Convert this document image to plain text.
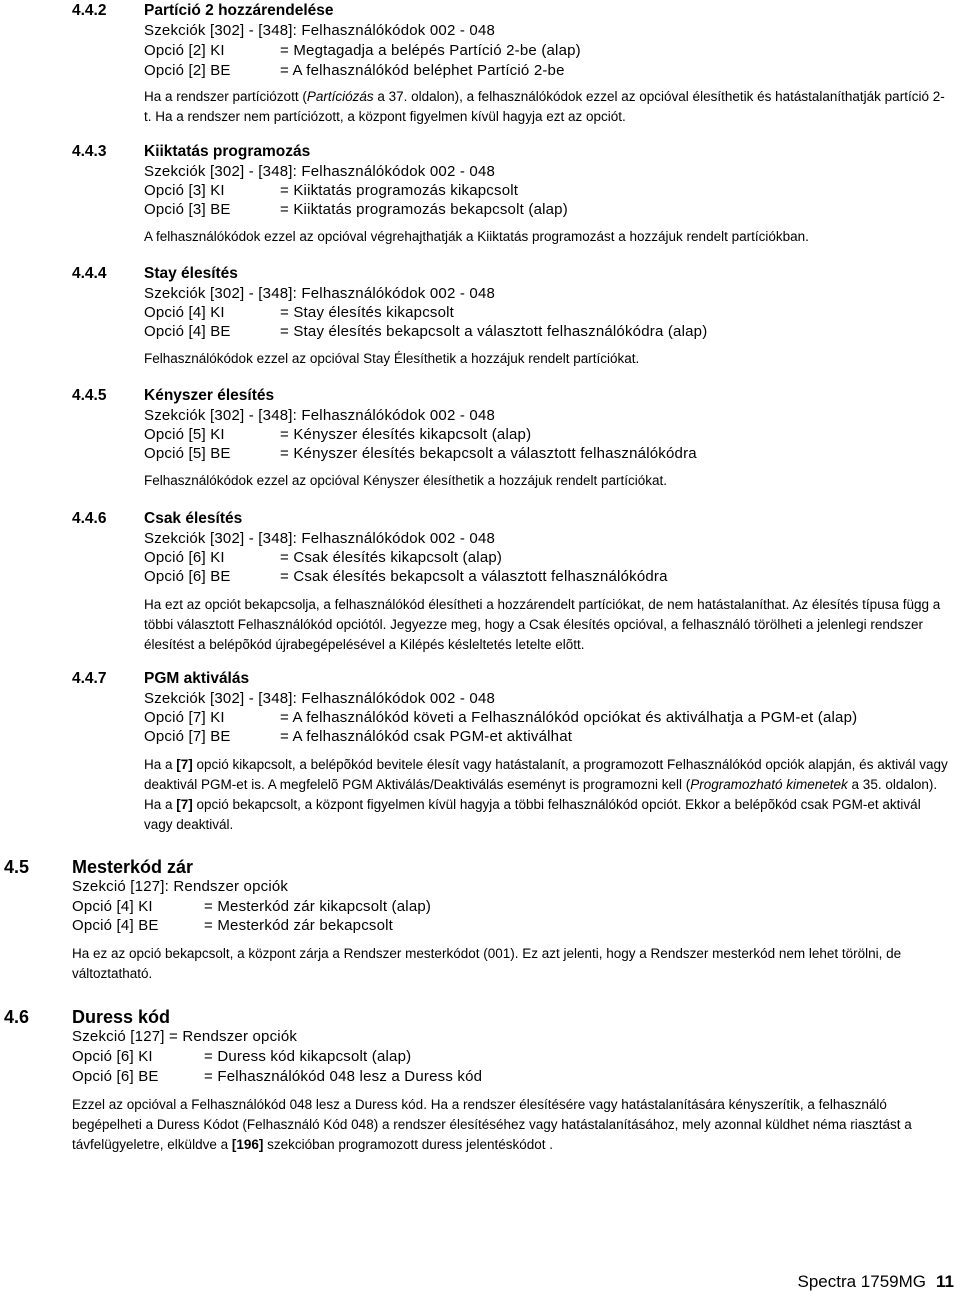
4.4.2 Partíció 2 hozzárendelése
Szekciók [302] - [348]: Felhasználókódok 002 - 048
Opció [2] KI	= Megtagadja a belépés Partíció 2-be (alap)
Opció [2] BE	= A felhasználókód beléphet Partíció 2-be
Ha a rendszer partíciózott (Partíciózás a 37. oldalon), a felhasználókódok ezzel az opcióval élesíthetik és hatástalaníthatják partíció 2-t. Ha a rendszer nem partíciózott, a központ figyelmen kívül hagyja ezt az opciót.
4.4.3 Kiiktatás programozás
Szekciók [302] - [348]: Felhasználókódok 002 - 048
Opció [3] KI	= Kiiktatás programozás kikapcsolt
Opció [3] BE	= Kiiktatás programozás bekapcsolt (alap)
A felhasználókódok ezzel az opcióval végrehajthatják a Kiiktatás programozást a hozzájuk rendelt partíciókban.
4.4.4 Stay élesítés
Szekciók [302] - [348]: Felhasználókódok 002 - 048
Opció [4] KI	= Stay élesítés kikapcsolt
Opció [4] BE	= Stay élesítés bekapcsolt a választott felhasználókódra (alap)
Felhasználókódok ezzel az opcióval Stay Élesíthetik a hozzájuk rendelt partíciókat.
4.4.5 Kényszer élesítés
Szekciók [302] - [348]: Felhasználókódok 002 - 048
Opció [5] KI	= Kényszer élesítés kikapcsolt (alap)
Opció [5] BE	= Kényszer élesítés bekapcsolt a választott felhasználókódra
Felhasználókódok ezzel az opcióval Kényszer élesíthetik a hozzájuk rendelt partíciókat.
4.4.6 Csak élesítés
Szekciók [302] - [348]: Felhasználókódok 002 - 048
Opció [6] KI	= Csak élesítés kikapcsolt (alap)
Opció [6] BE	= Csak élesítés bekapcsolt a választott felhasználókódra
Ha ezt az opciót bekapcsolja, a felhasználókód élesítheti a hozzárendelt partíciókat, de nem hatástalaníthat. Az élesítés típusa függ a többi választott Felhasználókód opciótól. Jegyezze meg, hogy a Csak élesítés opcióval, a felhasználó törölheti a jelenlegi rendszer élesítést a belépõkód újrabegépelésével a Kilépés késleltetés letelte elõtt.
4.4.7 PGM aktiválás
Szekciók [302] - [348]: Felhasználókódok 002 - 048
Opció [7] KI	= A felhasználókód követi a Felhasználókód opciókat és aktiválhatja a PGM-et (alap)
Opció [7] BE	= A felhasználókód csak PGM-et aktiválhat
Ha a [7] opció kikapcsolt, a belépõkód bevitele élesít vagy hatástalanít, a programozott Felhasználókód opciók alapján, és aktivál vagy deaktivál PGM-et is. A megfelelõ PGM Aktiválás/Deaktiválás eseményt is programozni kell (Programozható kimenetek a 35. oldalon). Ha a [7] opció bekapcsolt, a központ figyelmen kívül hagyja a többi felhasználókód opciót. Ekkor a belépõkód csak PGM-et aktivál vagy deaktivál.
4.5 Mesterkód zár
Szekció [127]: Rendszer opciók
Opció [4] KI	= Mesterkód zár kikapcsolt (alap)
Opció [4] BE	= Mesterkód zár bekapcsolt
Ha ez az opció bekapcsolt, a központ zárja a Rendszer mesterkódot (001). Ez azt jelenti, hogy a Rendszer mesterkód nem lehet törölni, de változtatható.
4.6 Duress kód
Szekció [127] = Rendszer opciók
Opció [6] KI	= Duress kód kikapcsolt (alap)
Opció [6] BE	= Felhasználókód 048 lesz a Duress kód
Ezzel az opcióval a Felhasználókód 048 lesz a Duress kód. Ha a rendszer élesítésére vagy hatástalanítására kényszerítik, a felhasználó begépelheti a Duress Kódot (Felhasználó Kód 048) a rendszer élesítéséhez vagy hatástalanításához, mely azonnal küldhet néma riasztást a távfelügyeletre, elküldve a [196] szekcióban programozott duress jelentéskódot .
Spectra 1759MG 11
